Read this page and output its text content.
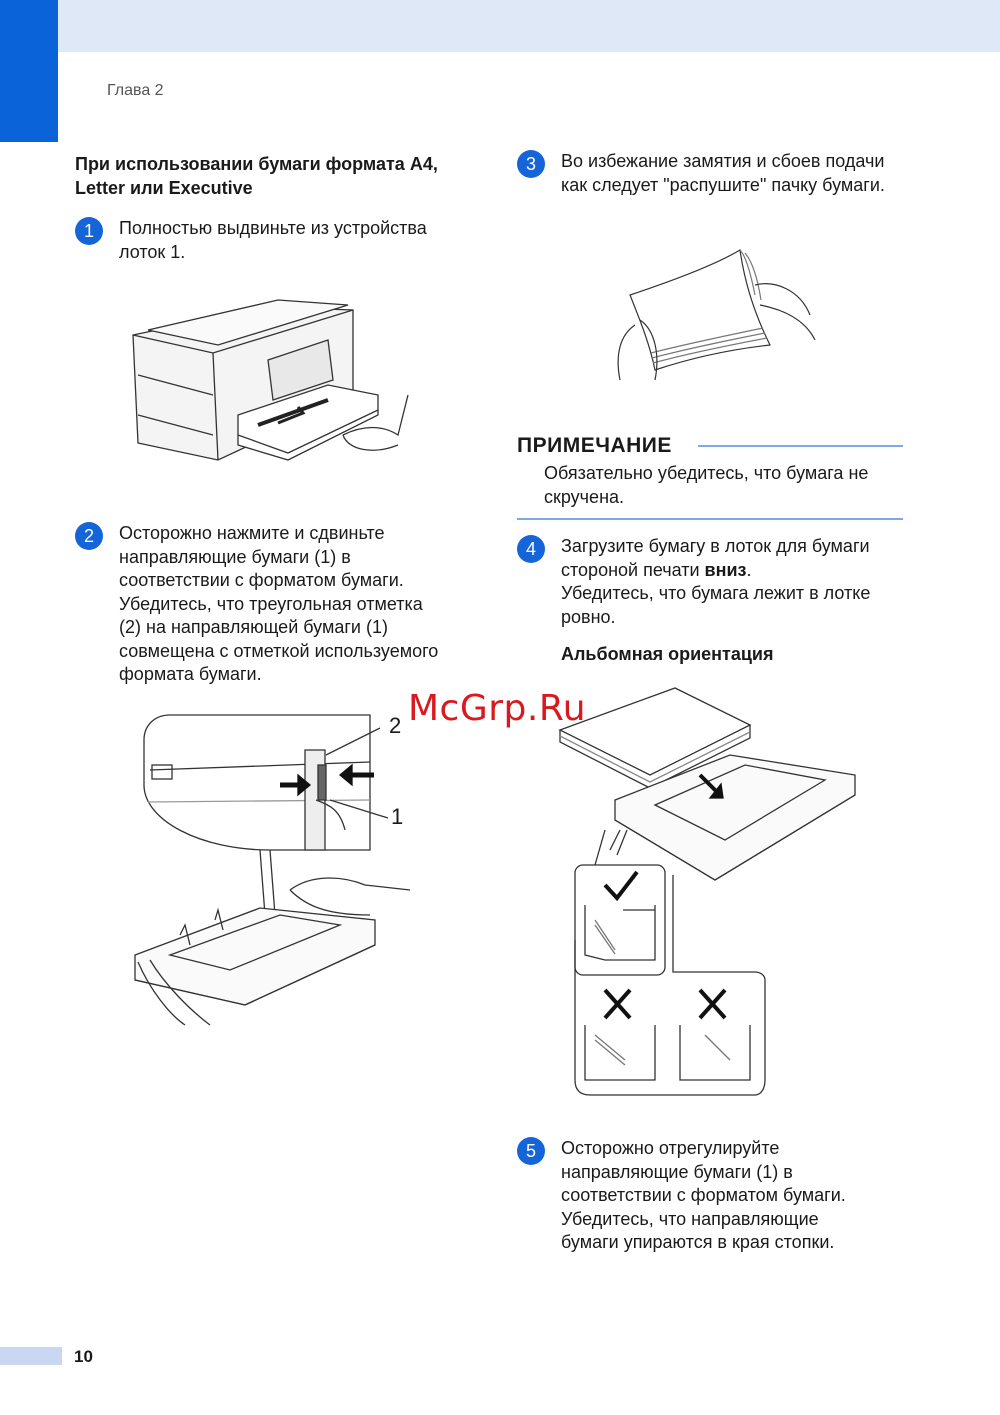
Глава 2
При использовании бумаги формата A4, Letter или Executive
1	Полностью выдвиньте из устройства лоток 1.
2	Осторожно нажмите и сдвиньте направляющие бумаги (1) в соответствии с форматом бумаги. Убедитесь, что треугольная отметка (2) на направляющей бумаги (1) совмещена с отметкой используемого формата бумаги.
2
1
3	Во избежание замятия и сбоев подачи как следует "распушите" пачку бумаги.
ПРИМЕЧАНИЕ
Обязательно убедитесь, что бумага не скручена.
4	Загрузите бумагу в лоток для бумаги стороной печати вниз.
Убедитесь, что бумага лежит в лотке ровно.
Альбомная ориентация
5	Осторожно отрегулируйте направляющие бумаги (1) в соответствии с форматом бумаги. Убедитесь, что направляющие бумаги упираются в края стопки.
McGrp.Ru
10
